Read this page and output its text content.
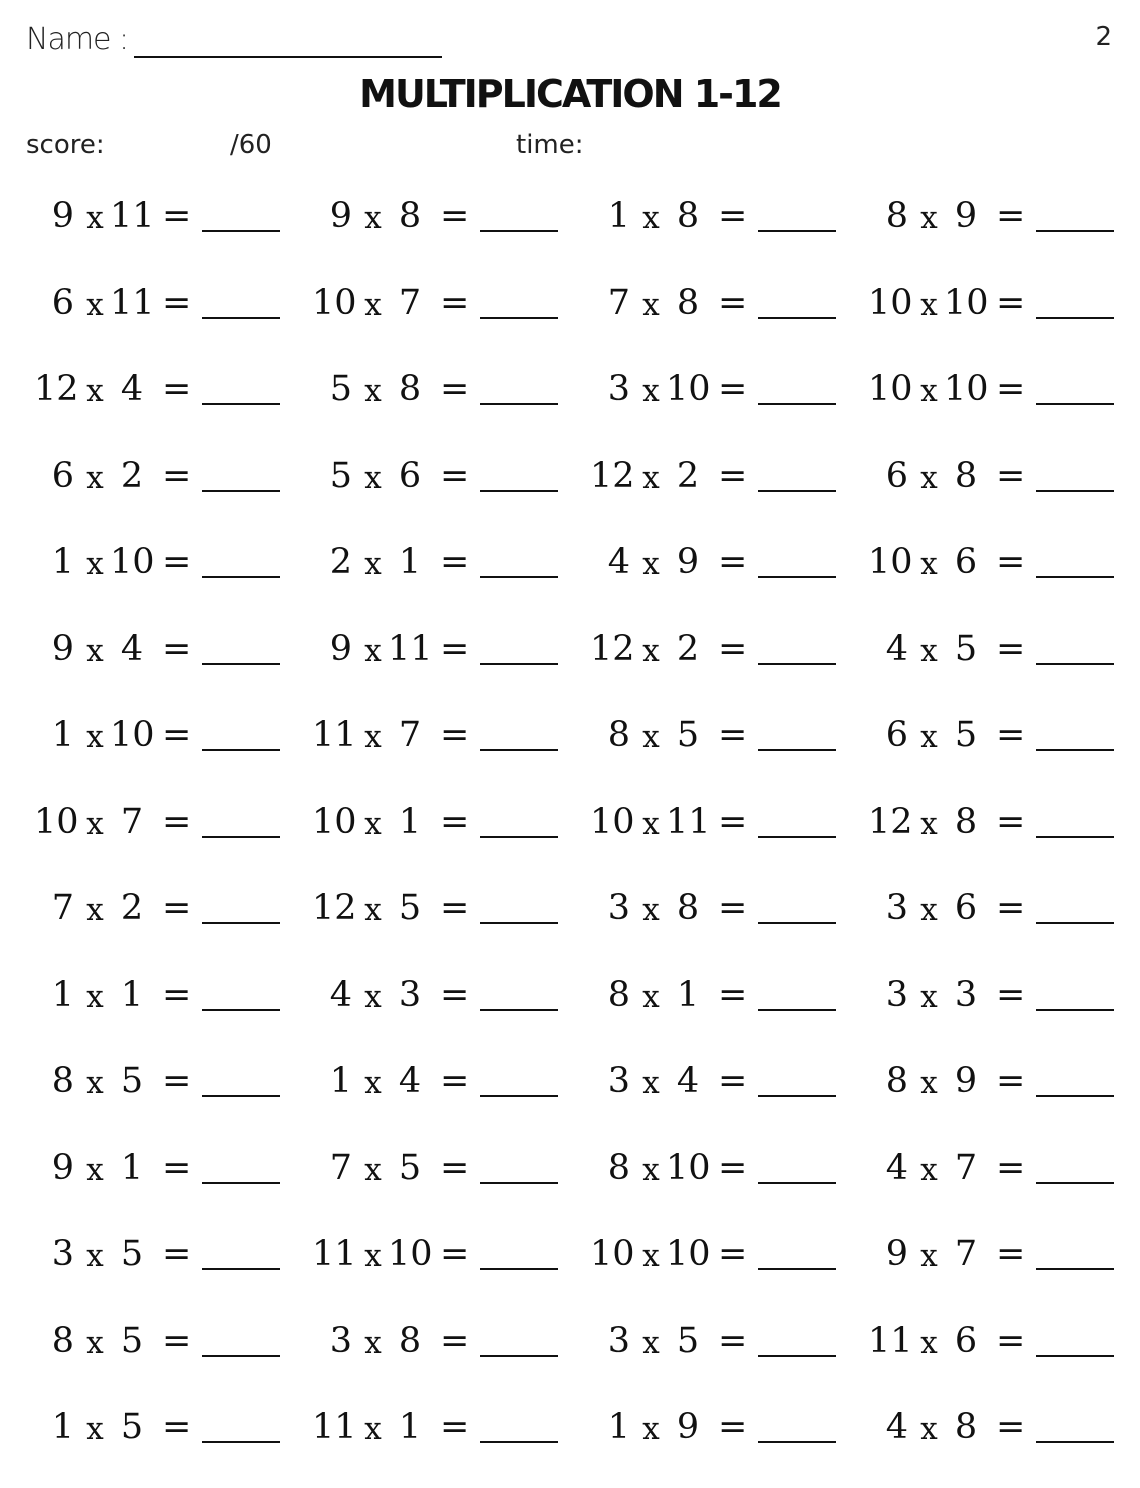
Name :	2
MULTIPLICATION 1-12
score:	/60	time:
9 x 11 =	9 x 8 =	1 x 8 =	8 x 9 =
6 x 11 =	10 x 7 =	7 x 8 =	10 x 10 =
12 x 4 =	5 x 8 =	3 x 10 =	10 x 10 =
6 x 2 =	5 x 6 =	12 x 2 =	6 x 8 =
1 x 10 =	2 x 1 =	4 x 9 =	10 x 6 =
9 x 4 =	9 x 11 =	12 x 2 =	4 x 5 =
1 x 10 =	11 x 7 =	8 x 5 =	6 x 5 =
10 x 7 =	10 x 1 =	10 x 11 =	12 x 8 =
7 x 2 =	12 x 5 =	3 x 8 =	3 x 6 =
1 x 1 =	4 x 3 =	8 x 1 =	3 x 3 =
8 x 5 =	1 x 4 =	3 x 4 =	8 x 9 =
9 x 1 =	7 x 5 =	8 x 10 =	4 x 7 =
3 x 5 =	11 x 10 =	10 x 10 =	9 x 7 =
8 x 5 =	3 x 8 =	3 x 5 =	11 x 6 =
1 x 5 =	11 x 1 =	1 x 9 =	4 x 8 =
